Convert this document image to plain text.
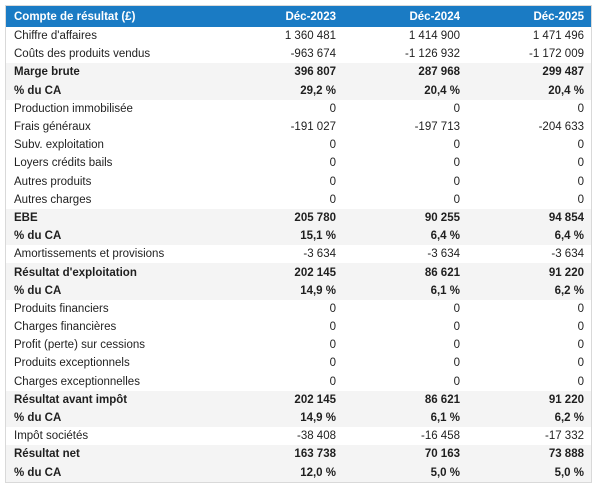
Compte de résultat (£)	Déc-2023	Déc-2024	Déc-2025
Chiffre d'affaires	1 360 481	1 414 900	1 471 496
Coûts des produits vendus	-963 674	-1 126 932	-1 172 009
Marge brute	396 807	287 968	299 487
% du CA	29,2 %	20,4 %	20,4 %
Production immobilisée	0	0	0
Frais généraux	-191 027	-197 713	-204 633
Subv. exploitation	0	0	0
Loyers crédits bails	0	0	0
Autres produits	0	0	0
Autres charges	0	0	0
EBE	205 780	90 255	94 854
% du CA	15,1 %	6,4 %	6,4 %
Amortissements et provisions	-3 634	-3 634	-3 634
Résultat d'exploitation	202 145	86 621	91 220
% du CA	14,9 %	6,1 %	6,2 %
Produits financiers	0	0	0
Charges financières	0	0	0
Profit (perte) sur cessions	0	0	0
Produits exceptionnels	0	0	0
Charges exceptionnelles	0	0	0
Résultat avant impôt	202 145	86 621	91 220
% du CA	14,9 %	6,1 %	6,2 %
Impôt sociétés	-38 408	-16 458	-17 332
Résultat net	163 738	70 163	73 888
% du CA	12,0 %	5,0 %	5,0 %
